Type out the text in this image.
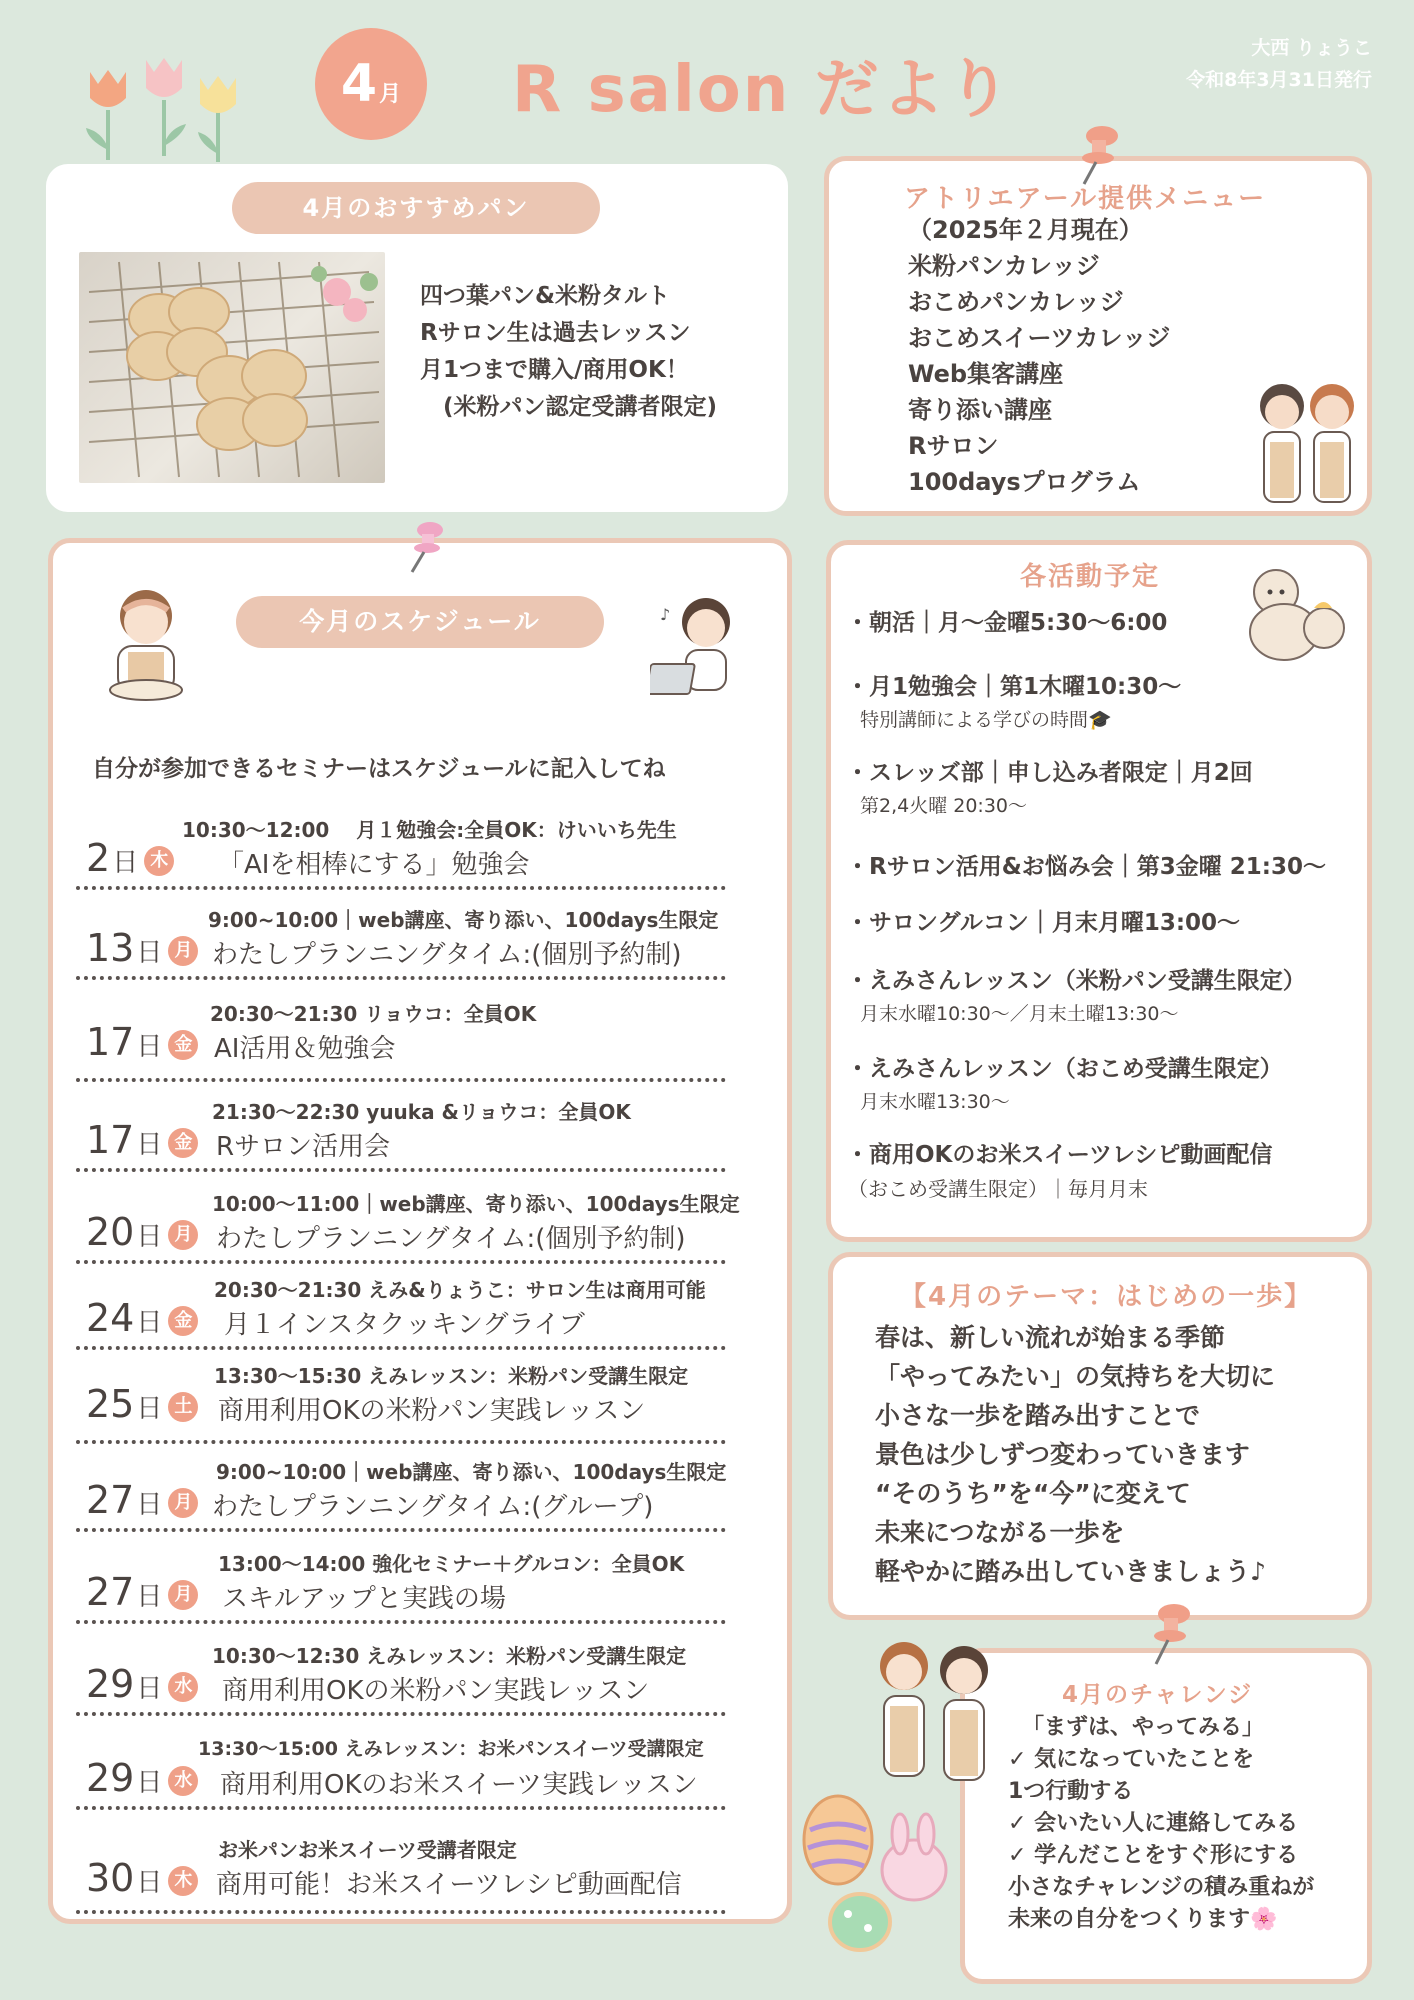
4月	R salon だより
大西 りょうこ
令和8年3月31日発行
4月のおすすめパン
四つ葉パン&米粉タルト
Rサロン生は過去レッスン
月1つまで購入/商用OK！
　(米粉パン認定受講者限定)
アトリエアール提供メニュー
（2025年２月現在）
米粉パンカレッジ
おこめパンカレッジ
おこめスイーツカレッジ
Web集客講座
寄り添い講座
Rサロン
100daysプログラム
♪
今月のスケジュール
自分が参加できるセミナーはスケジュールに記入してね
2日 木
10:30〜12:00　 月１勉強会:全員OK：けいいち先生
「AIを相棒にする」勉強会
13日 月
9:00~10:00｜web講座、寄り添い、100days生限定
わたしプランニングタイム:(個別予約制)
17日 金
20:30〜21:30 リョウコ：全員OK
AI活用＆勉強会
17日 金
21:30〜22:30 yuuka &リョウコ：全員OK
Rサロン活用会
20日 月
10:00〜11:00｜web講座、寄り添い、100days生限定
わたしプランニングタイム:(個別予約制)
24日 金
20:30〜21:30 えみ&りょうこ：サロン生は商用可能
月１インスタクッキングライブ
25日 土
13:30〜15:30 えみレッスン：米粉パン受講生限定
商用利用OKの米粉パン実践レッスン
27日 月
9:00~10:00｜web講座、寄り添い、100days生限定
わたしプランニングタイム:(グループ)
27日 月
13:00〜14:00 強化セミナー＋グルコン：全員OK
スキルアップと実践の場
29日 水
10:30〜12:30 えみレッスン：米粉パン受講生限定
商用利用OKの米粉パン実践レッスン
29日 水
13:30〜15:00 えみレッスン：お米パンスイーツ受講限定
商用利用OKのお米スイーツ実践レッスン
30日 木
お米パンお米スイーツ受講者限定
商用可能！お米スイーツレシピ動画配信
各活動予定
・朝活｜月〜金曜5:30〜6:00
・月1勉強会｜第1木曜10:30〜
特別講師による学びの時間🎓
・スレッズ部｜申し込み者限定｜月2回
第2,4火曜 20:30〜
・Rサロン活用&お悩み会｜第3金曜 21:30〜
・サロングルコン｜月末月曜13:00〜
・えみさんレッスン（米粉パン受講生限定）
月末水曜10:30〜／月末土曜13:30〜
・えみさんレッスン（おこめ受講生限定）
月末水曜13:30〜
・商用OKのお米スイーツレシピ動画配信
（おこめ受講生限定）｜毎月月末
【4月のテーマ：はじめの一歩】
春は、新しい流れが始まる季節
「やってみたい」の気持ちを大切に
小さな一歩を踏み出すことで
景色は少しずつ変わっていきます
“そのうち”を“今”に変えて
未来につながる一歩を
軽やかに踏み出していきましょう♪
4月のチャレンジ
「まずは、やってみる」
✓ 気になっていたことを
1つ行動する
✓ 会いたい人に連絡してみる
✓ 学んだことをすぐ形にする
小さなチャレンジの積み重ねが
未来の自分をつくります🌸
